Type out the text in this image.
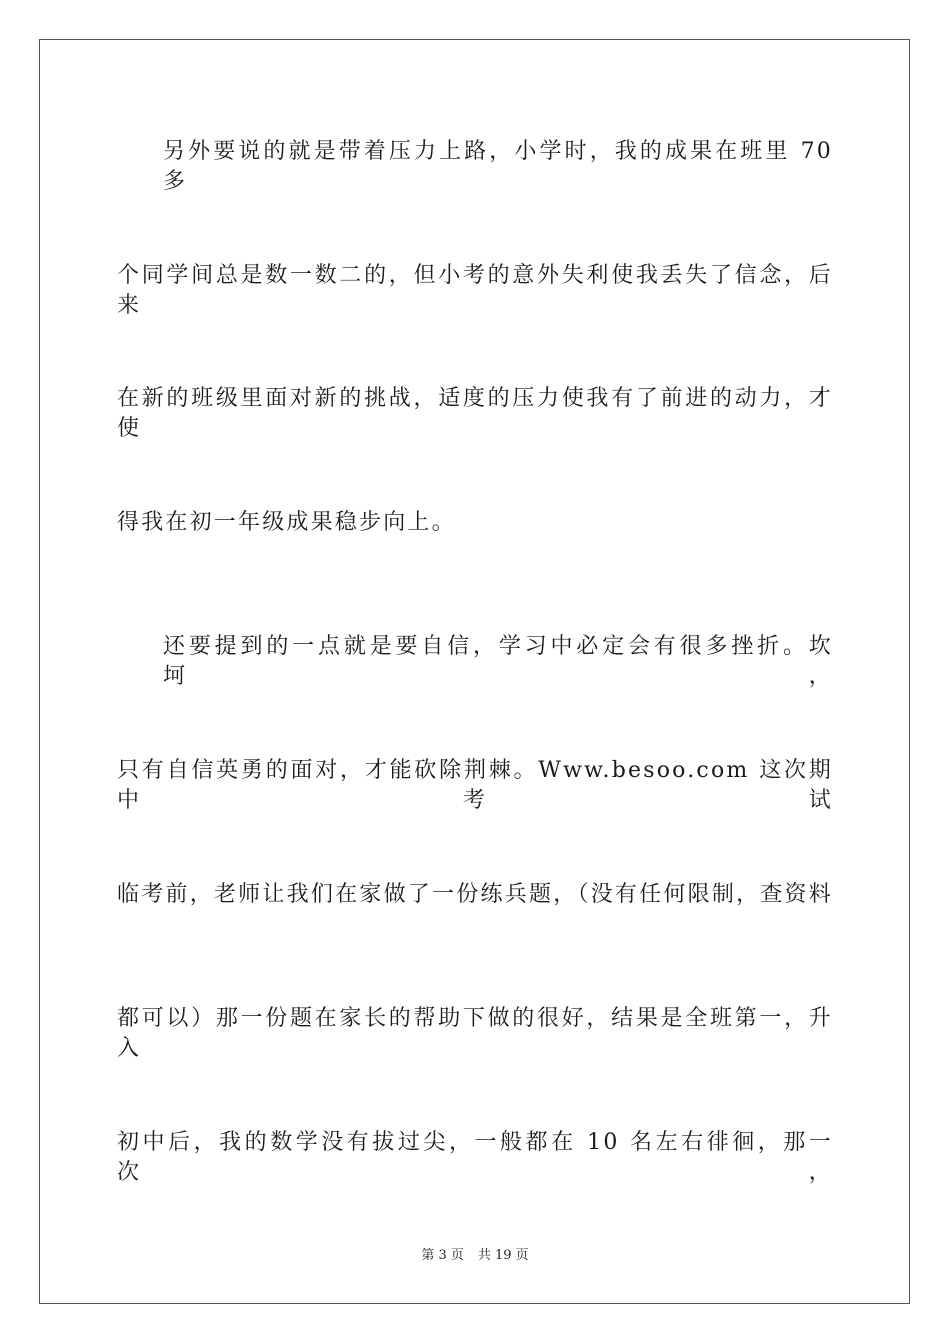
另外要说的就是带着压力上路，小学时，我的成果在班里 70 多
个同学间总是数一数二的，但小考的意外失利使我丢失了信念，后来
在新的班级里面对新的挑战，适度的压力使我有了前进的动力，才使
得我在初一年级成果稳步向上。
还要提到的一点就是要自信，学习中必定会有很多挫折。坎坷，
只有自信英勇的面对，才能砍除荆棘。Www.besoo.com 这次期中考试
临考前，老师让我们在家做了一份练兵题，（没有任何限制，查资料
都可以）那一份题在家长的帮助下做的很好，结果是全班第一，升入
初中后，我的数学没有拔过尖，一般都在 10 名左右徘徊，那一次，
第 3 页 共 19 页
